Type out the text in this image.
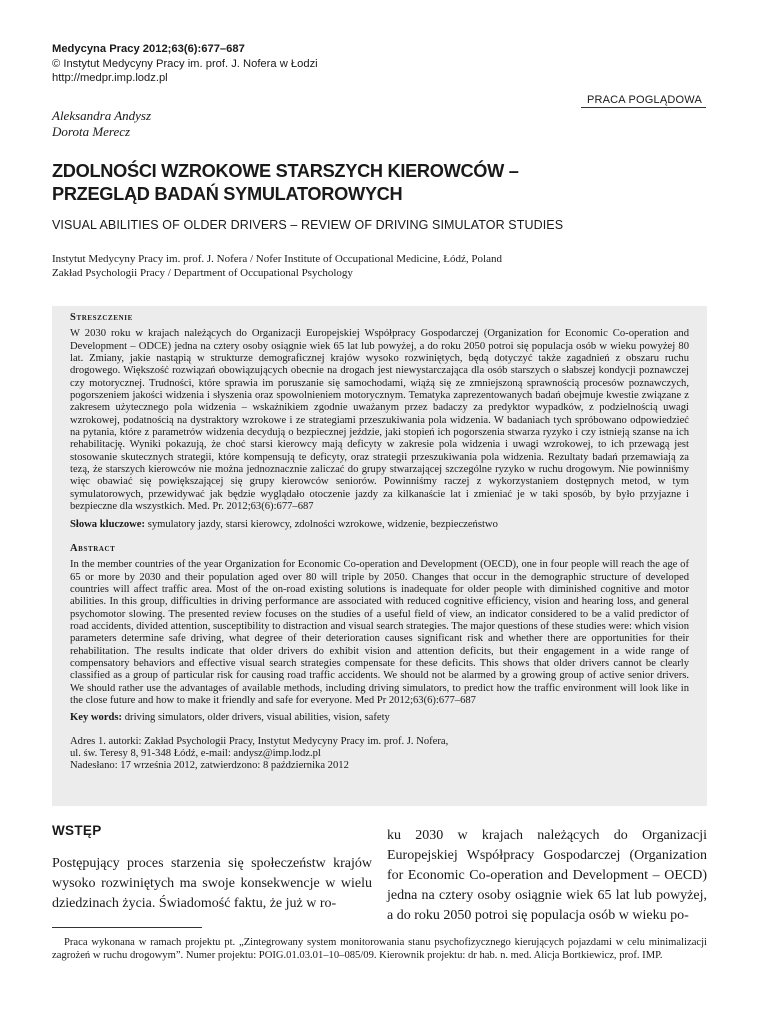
Medycyna Pracy 2012;63(6):677–687
© Instytut Medycyny Pracy im. prof. J. Nofera w Łodzi
http://medpr.imp.lodz.pl
PRACA POGLĄDOWA
Aleksandra Andysz
Dorota Merecz
ZDOLNOŚCI WZROKOWE STARSZYCH KIEROWCÓW –
PRZEGLĄD BADAŃ SYMULATOROWYCH
VISUAL ABILITIES OF OLDER DRIVERS – REVIEW OF DRIVING SIMULATOR STUDIES
Instytut Medycyny Pracy im. prof. J. Nofera / Nofer Institute of Occupational Medicine, Łódź, Poland
Zakład Psychologii Pracy / Department of Occupational Psychology
Streszczenie

W 2030 roku w krajach należących do Organizacji Europejskiej Współpracy Gospodarczej (Organization for Economic Co-operation and Development – ODCE) jedna na cztery osoby osiągnie wiek 65 lat lub powyżej, a do roku 2050 potroi się populacja osób w wieku powyżej 80 lat. Zmiany, jakie nastąpią w strukturze demograficznej krajów wysoko rozwiniętych, będą dotyczyć także zagadnień z obszaru ruchu drogowego. Większość rozwiązań obowiązujących obecnie na drogach jest niewystarczająca dla osób starszych o słabszej kondycji poznawczej czy motorycznej. Trudności, które sprawia im poruszanie się samochodami, wiążą się ze zmniejszoną sprawnością procesów poznawczych, pogorszeniem jakości widzenia i słyszenia oraz spowolnieniem motorycznym. Tematyka zaprezentowanych badań obejmuje kwestie związane z zakresem użytecznego pola widzenia – wskaźnikiem zgodnie uważanym przez badaczy za predyktor wypadków, z podzielnością uwagi wzrokowej, podatnością na dystraktory wzrokowe i ze strategiami przeszukiwania pola widzenia. W badaniach tych spróbowano odpowiedzieć na pytania, które z parametrów widzenia decydują o bezpiecznej jeździe, jaki stopień ich pogorszenia stwarza ryzyko i czy istnieją szanse na ich rehabilitację. Wyniki pokazują, że choć starsi kierowcy mają deficyty w zakresie pola widzenia i uwagi wzrokowej, to ich przewagą jest stosowanie skutecznych strategii, które kompensują te deficyty, oraz strategii przeszukiwania pola widzenia. Rezultaty badań przemawiają za tezą, że starszych kierowców nie można jednoznacznie zaliczać do grupy stwarzającej szczególne ryzyko w ruchu drogowym. Nie powinniśmy więc obawiać się powiększającej się grupy kierowców seniorów. Powinniśmy raczej z wykorzystaniem dostępnych metod, w tym symulatorowych, przewidywać jak będzie wyglądało otoczenie jazdy za kilkanaście lat i zmieniać je w taki sposób, by było przyjazne i bezpieczne dla wszystkich. Med. Pr. 2012;63(6):677–687

Słowa kluczowe: symulatory jazdy, starsi kierowcy, zdolności wzrokowe, widzenie, bezpieczeństwo

Abstract

In the member countries of the year Organization for Economic Co-operation and Development (OECD), one in four people will reach the age of 65 or more by 2030 and their population aged over 80 will triple by 2050. Changes that occur in the demographic structure of developed countries will affect traffic area. Most of the on-road existing solutions is inadequate for older people with diminished cognitive and motor abilities. In this group, difficulties in driving performance are associated with reduced cognitive efficiency, vision and hearing loss, and general psychomotor slowing. The presented review focuses on the studies of a useful field of view, an indicator considered to be a valid predictor of road accidents, divided attention, susceptibility to distraction and visual search strategies. The major questions of these studies were: which vision parameters determine safe driving, what degree of their deterioration causes significant risk and whether there are opportunities for their rehabilitation. The results indicate that older drivers do exhibit vision and attention deficits, but their engagement in a wide range of compensatory behaviors and effective visual search strategies compensate for these deficits. This shows that older drivers cannot be clearly classified as a group of particular risk for causing road traffic accidents. We should not be alarmed by a growing group of active senior drivers. We should rather use the advantages of available methods, including driving simulators, to predict how the traffic environment will look like in the close future and how to make it friendly and safe for everyone. Med Pr 2012;63(6):677–687

Key words: driving simulators, older drivers, visual abilities, vision, safety

Adres 1. autorki: Zakład Psychologii Pracy, Instytut Medycyny Pracy im. prof. J. Nofera,
ul. św. Teresy 8, 91-348 Łódź, e-mail: andysz@imp.lodz.pl
Nadesłano: 17 września 2012, zatwierdzono: 8 października 2012
WSTĘP

Postępujący proces starzenia się społeczeństw krajów wysoko rozwiniętych ma swoje konsekwencje w wielu dziedzinach życia. Świadomość faktu, że już w ro-

ku 2030 w krajach należących do Organizacji Europejskiej Współpracy Gospodarczej (Organization for Economic Co-operation and Development – OECD) jedna na cztery osoby osiągnie wiek 65 lat lub powyżej, a do roku 2050 potroi się populacja osób w wieku po-

Praca wykonana w ramach projektu pt. „Zintegrowany system monitorowania stanu psychofizycznego kierujących pojazdami w celu minimalizacji zagrożeń w ruchu drogowym”. Numer projektu: POIG.01.03.01–10–085/09. Kierownik projektu: dr hab. n. med. Alicja Bortkiewicz, prof. IMP.
